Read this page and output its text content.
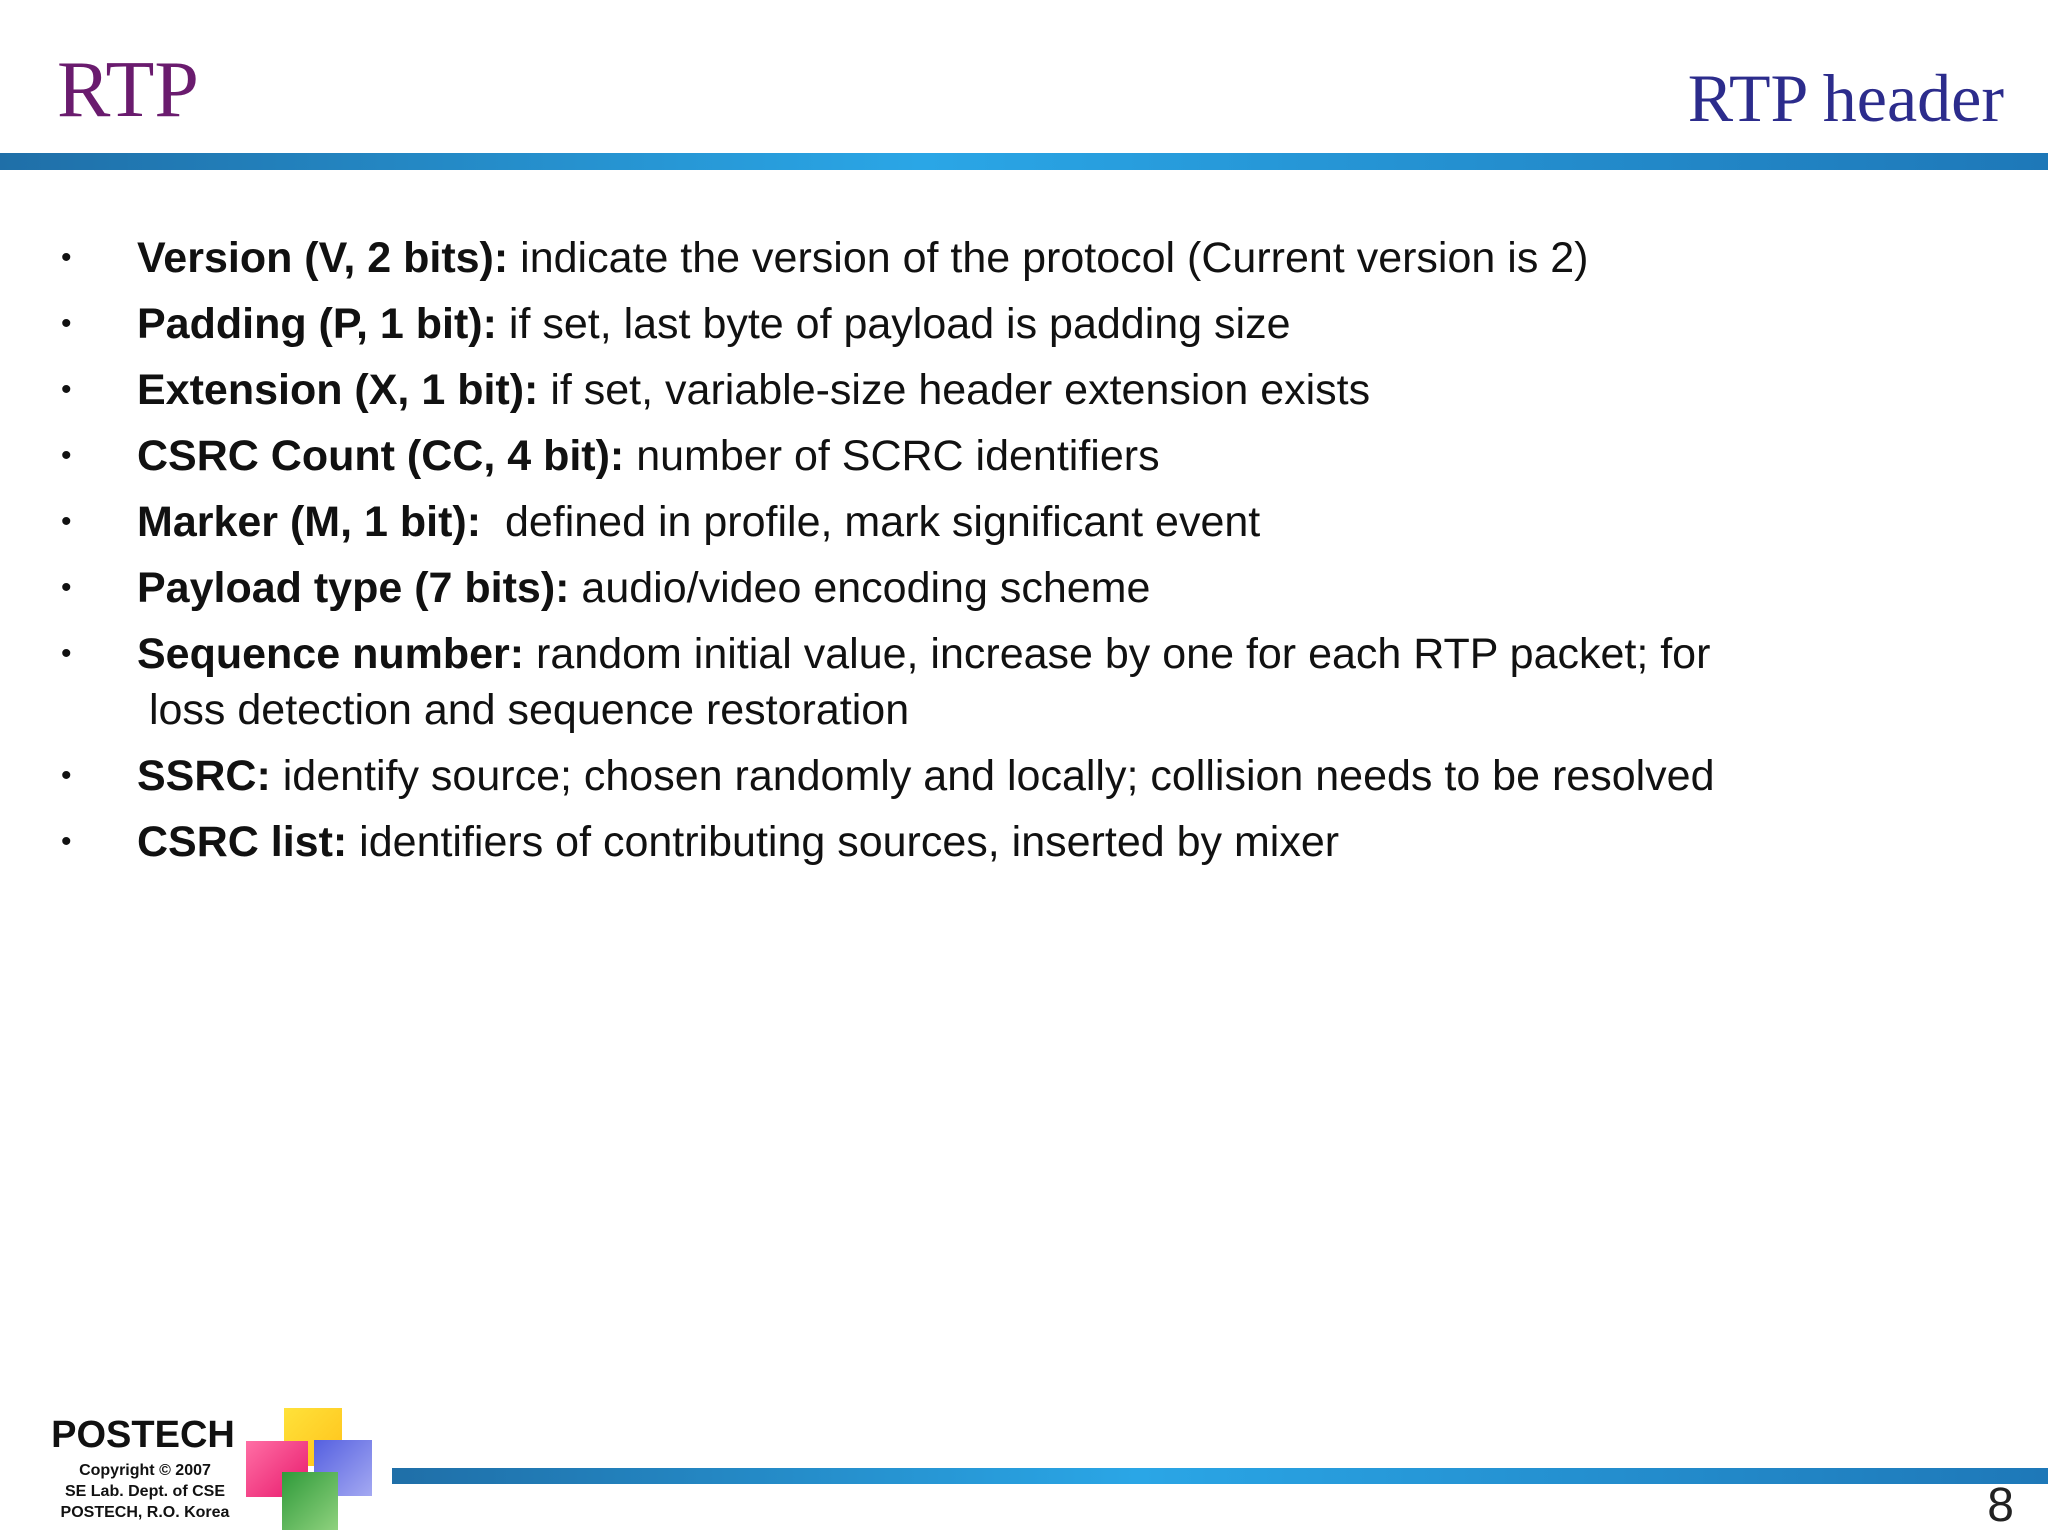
RTP	RTP header
• Version (V, 2 bits): indicate the version of the protocol (Current version is 2)
• Padding (P, 1 bit): if set, last byte of payload is padding size
• Extension (X, 1 bit): if set, variable-size header extension exists
• CSRC Count (CC, 4 bit): number of SCRC identifiers
• Marker (M, 1 bit):  defined in profile, mark significant event
• Payload type (7 bits): audio/video encoding scheme
• Sequence number: random initial value, increase by one for each RTP packet; for
loss detection and sequence restoration
• SSRC: identify source; chosen randomly and locally; collision needs to be resolved
• CSRC list: identifiers of contributing sources, inserted by mixer
POSTECH
Copyright © 2007
SE Lab. Dept. of CSE
POSTECH, R.O. Korea	8
